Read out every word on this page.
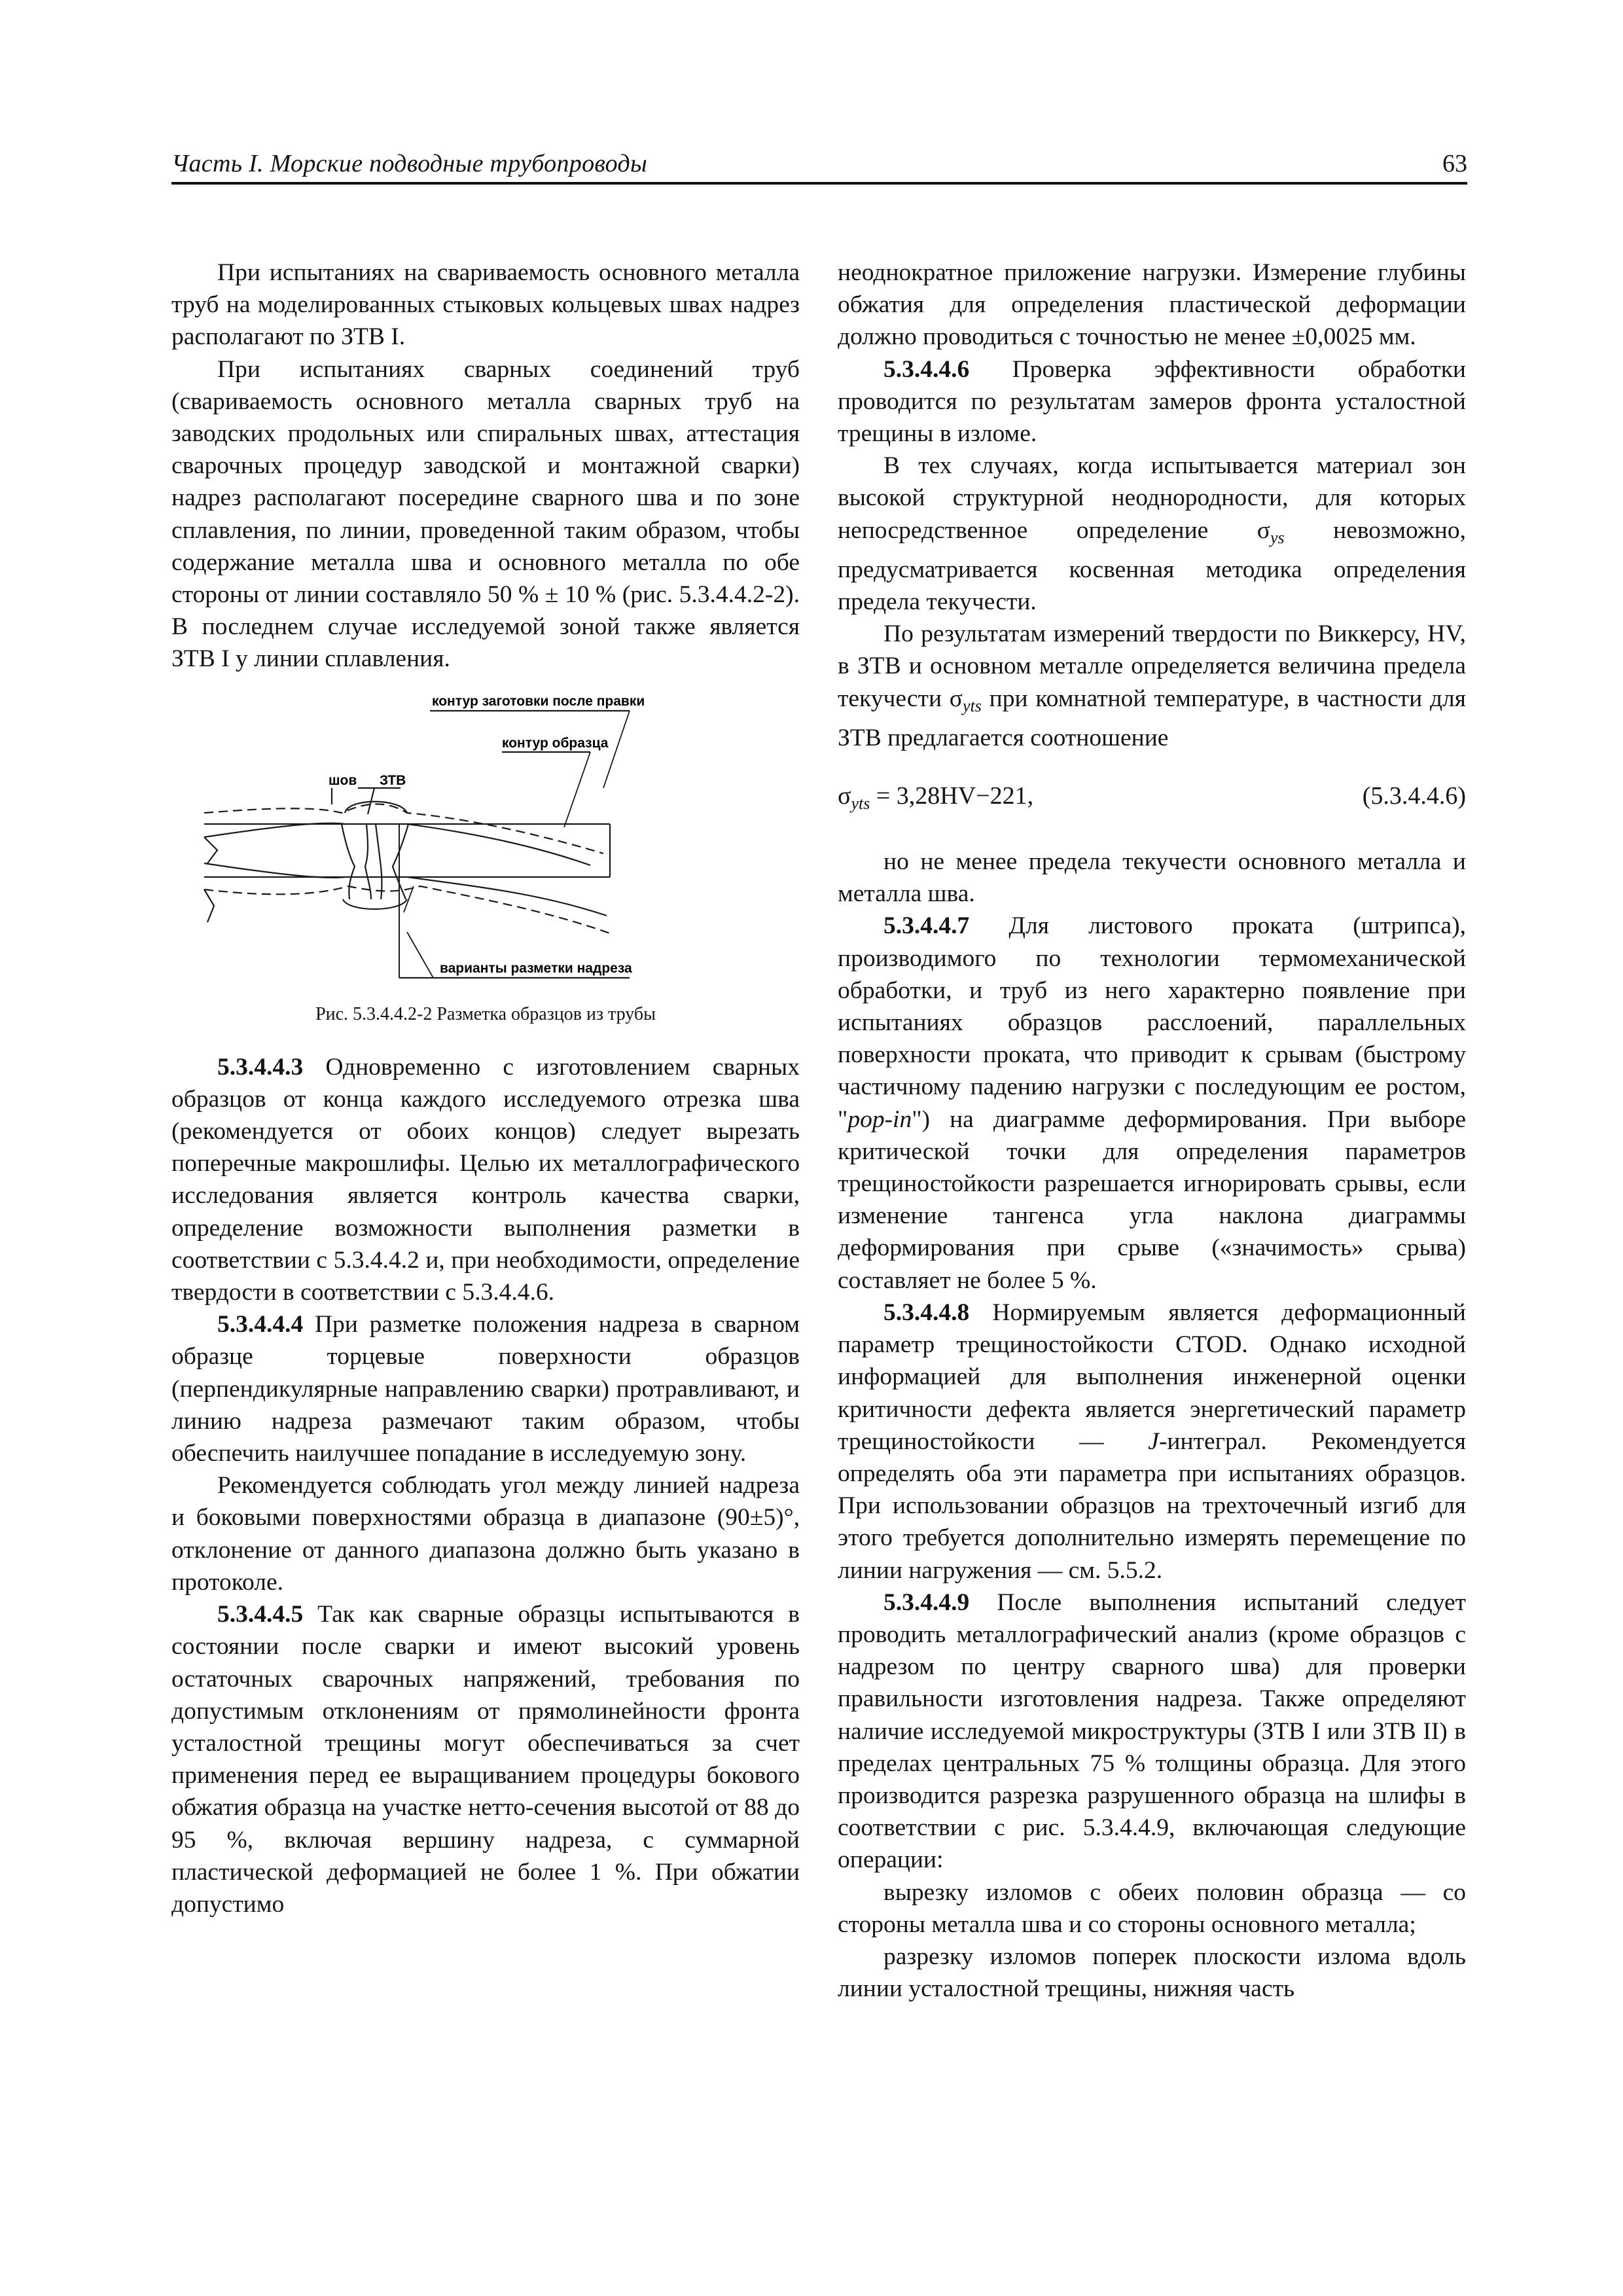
Часть I. Морские подводные трубопроводы	63

При испытаниях на свариваемость основного металла труб на моделированных стыковых кольцевых швах надрез располагают по ЗТВ I.

При испытаниях сварных соединений труб (свариваемость основного металла сварных труб на заводских продольных или спиральных швах, аттестация сварочных процедур заводской и монтажной сварки) надрез располагают посередине сварного шва и по зоне сплавления, по линии, проведенной таким образом, чтобы содержание металла шва и основного металла по обе стороны от линии составляло 50 % ± 10 % (рис. 5.3.4.4.2-2). В последнем случае исследуемой зоной также является ЗТВ I у линии сплавления.

контур заготовки после правки
контур образца
шов ЗТВ
варианты разметки надреза
Рис. 5.3.4.4.2-2 Разметка образцов из трубы

5.3.4.4.3 Одновременно с изготовлением сварных образцов от конца каждого исследуемого отрезка шва (рекомендуется от обоих концов) следует вырезать поперечные макрошлифы. Целью их металлографического исследования является контроль качества сварки, определение возможности выполнения разметки в соответствии с 5.3.4.4.2 и, при необходимости, определение твердости в соответствии с 5.3.4.4.6.

5.3.4.4.4 При разметке положения надреза в сварном образце торцевые поверхности образцов (перпендикулярные направлению сварки) протравливают, и линию надреза размечают таким образом, чтобы обеспечить наилучшее попадание в исследуемую зону.

Рекомендуется соблюдать угол между линией надреза и боковыми поверхностями образца в диапазоне (90±5)°, отклонение от данного диапазона должно быть указано в протоколе.

5.3.4.4.5 Так как сварные образцы испытываются в состоянии после сварки и имеют высокий уровень остаточных сварочных напряжений, требования по допустимым отклонениям от прямолинейности фронта усталостной трещины могут обеспечиваться за счет применения перед ее выращиванием процедуры бокового обжатия образца на участке нетто-сечения высотой от 88 до 95 %, включая вершину надреза, с суммарной пластической деформацией не более 1 %. При обжатии допустимо

неоднократное приложение нагрузки. Измерение глубины обжатия для определения пластической деформации должно проводиться с точностью не менее ±0,0025 мм.

5.3.4.4.6 Проверка эффективности обработки проводится по результатам замеров фронта усталостной трещины в изломе.

В тех случаях, когда испытывается материал зон высокой структурной неоднородности, для которых непосредственное определение $\sigma_{ys}$ невозможно, предусматривается косвенная методика определения предела текучести.

По результатам измерений твердости по Виккерсу, HV, в ЗТВ и основном металле определяется величина предела текучести $\sigma_{yts}$ при комнатной температуре, в частности для ЗТВ предлагается соотношение

$\sigma_{yts} = 3,28HV-221$,	(5.3.4.4.6)

но не менее предела текучести основного металла и металла шва.

5.3.4.4.7 Для листового проката (штрипса), производимого по технологии термомеханической обработки, и труб из него характерно появление при испытаниях образцов расслоений, параллельных поверхности проката, что приводит к срывам (быстрому частичному падению нагрузки с последующим ее ростом, "pop-in") на диаграмме деформирования. При выборе критической точки для определения параметров трещиностойкости разрешается игнорировать срывы, если изменение тангенса угла наклона диаграммы деформирования при срыве («значимость» срыва) составляет не более 5 %.

5.3.4.4.8 Нормируемым является деформационный параметр трещиностойкости CTOD. Однако исходной информацией для выполнения инженерной оценки критичности дефекта является энергетический параметр трещиностойкости — J-интеграл. Рекомендуется определять оба эти параметра при испытаниях образцов. При использовании образцов на трехточечный изгиб для этого требуется дополнительно измерять перемещение по линии нагружения — см. 5.5.2.

5.3.4.4.9 После выполнения испытаний следует проводить металлографический анализ (кроме образцов с надрезом по центру сварного шва) для проверки правильности изготовления надреза. Также определяют наличие исследуемой микроструктуры (ЗТВ I или ЗТВ II) в пределах центральных 75 % толщины образца. Для этого производится разрезка разрушенного образца на шлифы в соответствии с рис. 5.3.4.4.9, включающая следующие операции:

вырезку изломов с обеих половин образца — со стороны металла шва и со стороны основного металла;

разрезку изломов поперек плоскости излома вдоль линии усталостной трещины, нижняя часть
